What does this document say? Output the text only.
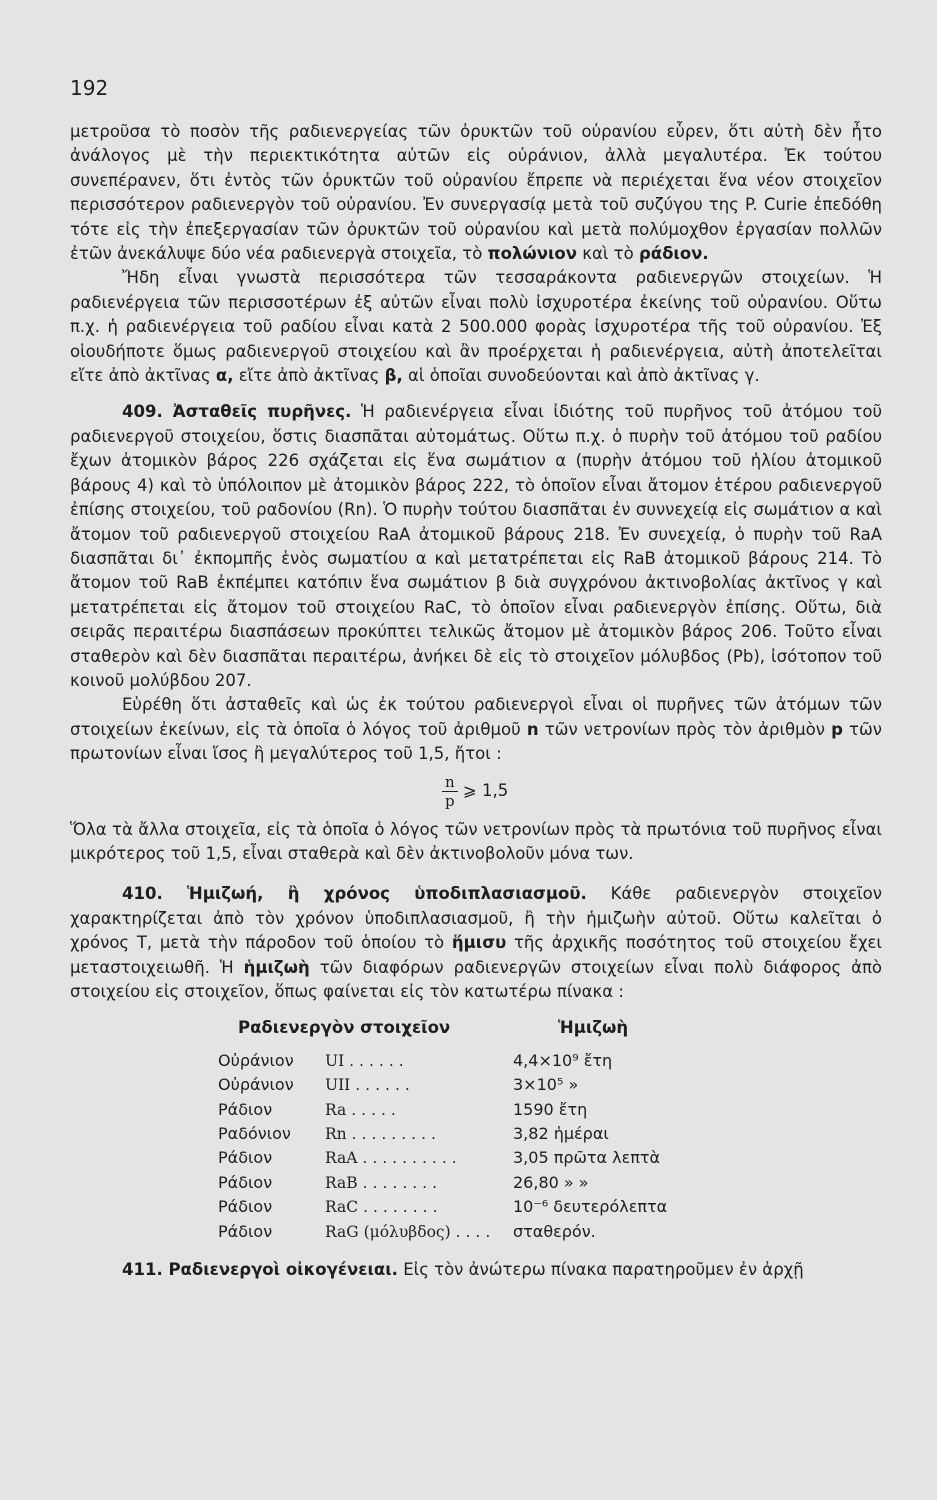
192

μετροῦσα τὸ ποσὸν τῆς ραδιενεργείας τῶν ὀρυκτῶν τοῦ οὐρανίου εὗρεν, ὅτι αὐτὴ δὲν ἦτο ἀνάλογος μὲ τὴν περιεκτικότητα αὐτῶν εἰς οὐράνιον, ἀλλὰ μεγαλυτέρα. Ἐκ τούτου συνεπέρανεν, ὅτι ἐντὸς τῶν ὀρυκτῶν τοῦ οὐρανίου ἔπρεπε νὰ περιέχεται ἕνα νέον στοιχεῖον περισσότερον ραδιενεργὸν τοῦ οὐρανίου. Ἐν συνεργασίᾳ μετὰ τοῦ συζύγου της P. Curie ἐπεδόθη τότε εἰς τὴν ἐπεξεργασίαν τῶν ὀρυκτῶν τοῦ οὐρανίου καὶ μετὰ πολύμοχθον ἐργασίαν πολλῶν ἐτῶν ἀνεκάλυψε δύο νέα ραδιενεργὰ στοιχεῖα, τὸ πολώνιον καὶ τὸ ράδιον.

Ἤδη εἶναι γνωστὰ περισσότερα τῶν τεσσαράκοντα ραδιενεργῶν στοιχείων. Ἡ ραδιενέργεια τῶν περισσοτέρων ἐξ αὐτῶν εἶναι πολὺ ἰσχυροτέρα ἐκείνης τοῦ οὐρανίου. Οὕτω π.χ. ἡ ραδιενέργεια τοῦ ραδίου εἶναι κατὰ 2 500.000 φορὰς ἰσχυροτέρα τῆς τοῦ οὐρανίου. Ἐξ οἱουδήποτε ὅμως ραδιενεργοῦ στοιχείου καὶ ἂν προέρχεται ἡ ραδιενέργεια, αὐτὴ ἀποτελεῖται εἴτε ἀπὸ ἀκτῖνας α, εἴτε ἀπὸ ἀκτῖνας β, αἱ ὁποῖαι συνοδεύονται καὶ ἀπὸ ἀκτῖνας γ.

409. Ἀσταθεῖς πυρῆνες. Ἡ ραδιενέργεια εἶναι ἰδιότης τοῦ πυρῆνος τοῦ ἀτόμου τοῦ ραδιενεργοῦ στοιχείου, ὅστις διασπᾶται αὐτομάτως. Οὕτω π.χ. ὁ πυρὴν τοῦ ἀτόμου τοῦ ραδίου ἔχων ἀτομικὸν βάρος 226 σχάζεται εἰς ἕνα σωμάτιον α (πυρὴν ἀτόμου τοῦ ἡλίου ἀτομικοῦ βάρους 4) καὶ τὸ ὑπόλοιπον μὲ ἀτομικὸν βάρος 222, τὸ ὁποῖον εἶναι ἄτομον ἑτέρου ραδιενεργοῦ ἐπίσης στοιχείου, τοῦ ραδονίου (Rn). Ὁ πυρὴν τούτου διασπᾶται ἐν συννεχείᾳ εἰς σωμάτιον α καὶ ἄτομον τοῦ ραδιενεργοῦ στοιχείου RaA ἀτομικοῦ βάρους 218. Ἐν συνεχείᾳ, ὁ πυρὴν τοῦ RaA διασπᾶται δι᾽ ἐκπομπῆς ἑνὸς σωματίου α καὶ μετατρέπεται εἰς RaB ἀτομικοῦ βάρους 214. Τὸ ἄτομον τοῦ RaB ἐκπέμπει κατόπιν ἕνα σωμάτιον β διὰ συγχρόνου ἀκτινοβολίας ἀκτῖνος γ καὶ μετατρέπεται εἰς ἄτομον τοῦ στοιχείου RaC, τὸ ὁποῖον εἶναι ραδιενεργὸν ἐπίσης. Οὕτω, διὰ σειρᾶς περαιτέρω διασπάσεων προκύπτει τελικῶς ἄτομον μὲ ἀτομικὸν βάρος 206. Τοῦτο εἶναι σταθερὸν καὶ δὲν διασπᾶται περαιτέρω, ἀνήκει δὲ εἰς τὸ στοιχεῖον μόλυβδος (Pb), ἰσότοπον τοῦ κοινοῦ μολύβδου 207.

Εὑρέθη ὅτι ἀσταθεῖς καὶ ὡς ἐκ τούτου ραδιενεργοὶ εἶναι οἱ πυρῆνες τῶν ἀτόμων τῶν στοιχείων ἐκείνων, εἰς τὰ ὁποῖα ὁ λόγος τοῦ ἀριθμοῦ n τῶν νετρονίων πρὸς τὸν ἀριθμὸν p τῶν πρωτονίων εἶναι ἴσος ἢ μεγαλύτερος τοῦ 1,5, ἤτοι :

$\frac{n}{p}$ ⩾ 1,5

Ὅλα τὰ ἄλλα στοιχεῖα, εἰς τὰ ὁποῖα ὁ λόγος τῶν νετρονίων πρὸς τὰ πρωτόνια τοῦ πυρῆνος εἶναι μικρότερος τοῦ 1,5, εἶναι σταθερὰ καὶ δὲν ἀκτινοβολοῦν μόνα των.

410. Ἡμιζωή, ἢ χρόνος ὑποδιπλασιασμοῦ. Κάθε ραδιενεργὸν στοιχεῖον χαρακτηρίζεται ἀπὸ τὸν χρόνον ὑποδιπλασιασμοῦ, ἢ τὴν ἡμιζωὴν αὐτοῦ. Οὕτω καλεῖται ὁ χρόνος Τ, μετὰ τὴν πάροδον τοῦ ὁποίου τὸ ἥμισυ τῆς ἀρχικῆς ποσότητος τοῦ στοιχείου ἔχει μεταστοιχειωθῆ. Ἡ ἡμιζωὴ τῶν διαφόρων ραδιενεργῶν στοιχείων εἶναι πολὺ διάφορος ἀπὸ στοιχείου εἰς στοιχεῖον, ὅπως φαίνεται εἰς τὸν κατωτέρω πίνακα :

Ραδιενεργὸν στοιχεῖον		Ἡμιζωὴ
Οὐράνιον	UI ......	4,4×10⁹ ἔτη
Οὐράνιον	UII ......	3×10⁵ »
Ράδιον	Ra .....	1590 ἔτη
Ραδόνιον	Rn .........	3,82 ἡμέραι
Ράδιον	RaA ..........	3,05 πρῶτα λεπτὰ
Ράδιον	RaB ........	26,80 » »
Ράδιον	RaC ........	10⁻⁶ δευτερόλεπτα
Ράδιον	RaG (μόλυβδος) ....	σταθερόν.

411. Ραδιενεργοὶ οἰκογένειαι. Εἰς τὸν ἀνώτερω πίνακα παρατηροῦμεν ἐν ἀρχῇ
